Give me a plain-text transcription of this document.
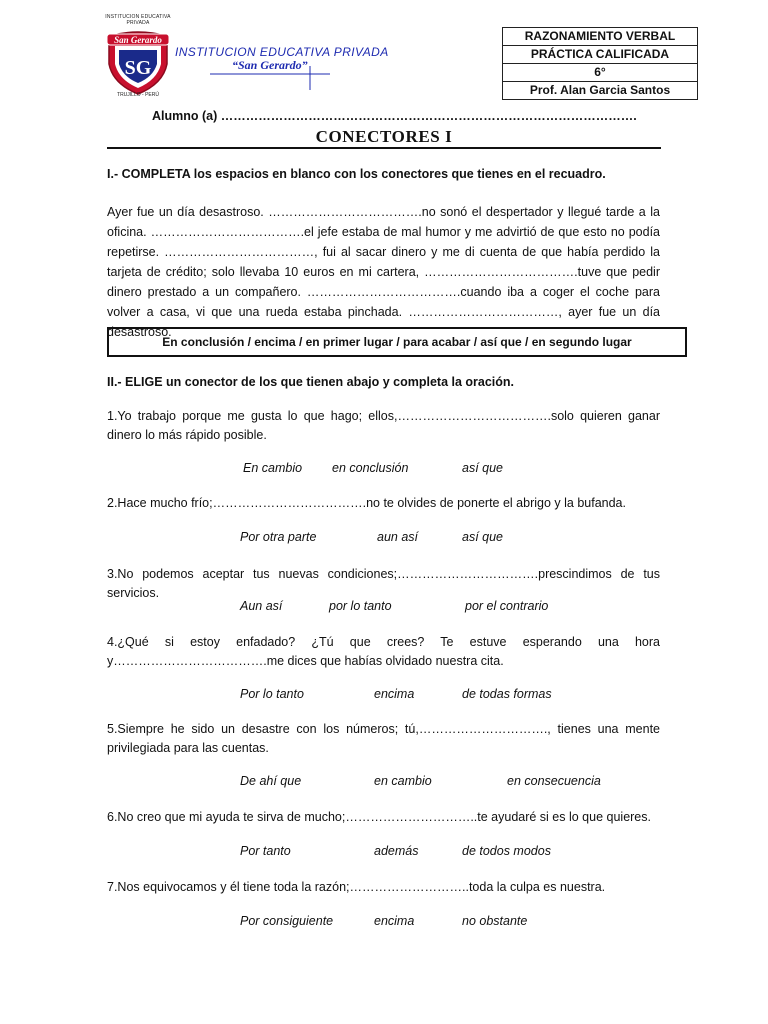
INSTITUCION EDUCATIVA PRIVADA
San Gerardo
SG
TRUJILLO - PERÚ
INSTITUCION EDUCATIVA PRIVADA
“San Gerardo”
RAZONAMIENTO VERBAL
PRÁCTICA CALIFICADA
6°
Prof. Alan Garcia Santos
Alumno (a) ……………………………………………………………………………………….
CONECTORES I
I.- COMPLETA los espacios en blanco con los conectores que tienes en el recuadro.
Ayer fue un día desastroso. ……………………………….no sonó el despertador y llegué tarde a la oficina. ……………………………….el jefe estaba de mal humor y me advirtió de que esto no podía repetirse. ………………………………, fui al sacar dinero y me di cuenta de que había perdido la tarjeta de crédito; solo llevaba 10 euros en mi cartera, ……………………………….tuve que pedir dinero prestado a un compañero. ……………………………….cuando iba a coger el coche para volver a casa, vi que una rueda estaba pinchada. ………………………………, ayer fue un día desastroso.
En conclusión / encima / en primer lugar / para acabar / así que / en segundo lugar
II.- ELIGE un conector de los que tienen abajo y completa la oración.
1.Yo trabajo porque me gusta lo que hago; ellos,……………………………….solo quieren ganar dinero lo más rápido posible.
En cambio en conclusión	así que
2.Hace mucho frío;……………………………….no te olvides de ponerte el abrigo y la bufanda.
Por otra parte	aun así	así que
3.No podemos aceptar tus nuevas condiciones;…………………………….prescindimos de tus servicios.
Aun así	por lo tanto	por el contrario
4.¿Qué si estoy enfadado? ¿Tú que crees? Te estuve esperando una hora y……………………………….me dices que habías olvidado nuestra cita.
Por lo tanto	encima	de todas formas
5.Siempre he sido un desastre con los números; tú,…………………………., tienes una mente privilegiada para las cuentas.
De ahí que	en cambio	en consecuencia
6.No creo que mi ayuda te sirva de mucho;…………………………..te ayudaré si es lo que quieres.
Por tanto	además	de todos modos
7.Nos equivocamos y él tiene toda la razón;………………………..toda la culpa es nuestra.
Por consiguiente	encima	no obstante
